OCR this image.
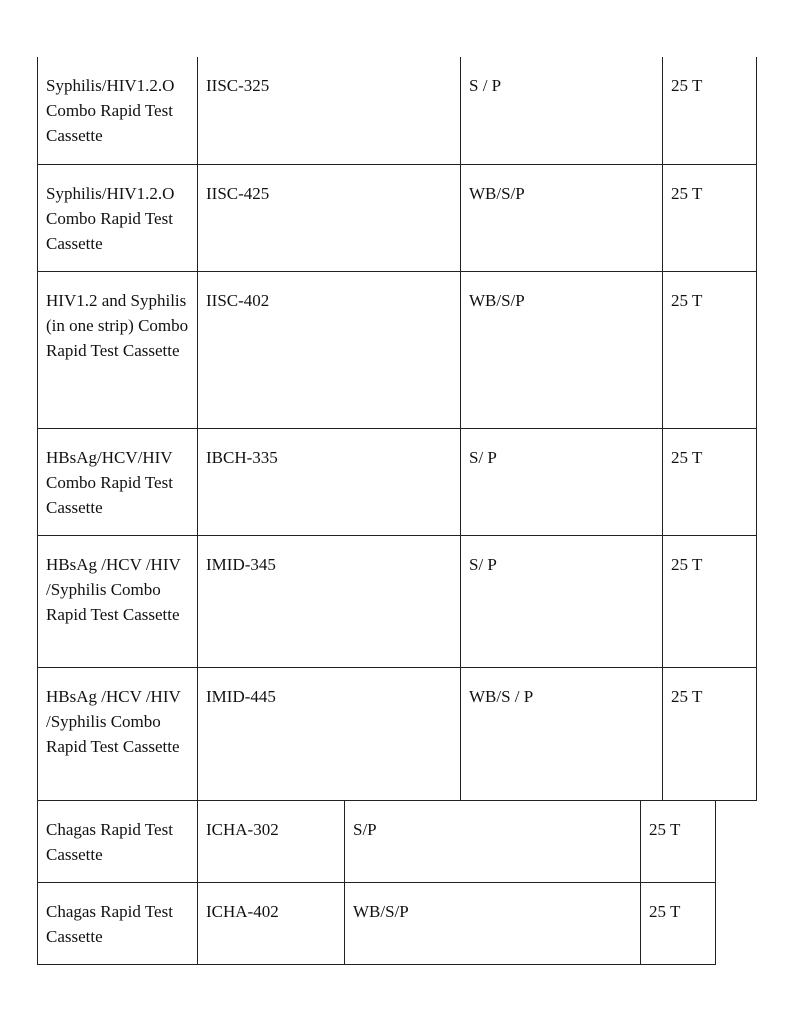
Syphilis/HIV1.2.O Combo Rapid Test Cassette	IISC-325	S / P	25 T
Syphilis/HIV1.2.O Combo Rapid Test Cassette	IISC-425	WB/S/P	25 T
HIV1.2 and Syphilis (in one strip) Combo Rapid Test Cassette	IISC-402	WB/S/P	25 T
HBsAg/HCV/HIV Combo Rapid Test Cassette	IBCH-335	S/ P	25 T
HBsAg /HCV /HIV /Syphilis Combo Rapid Test Cassette	IMID-345	S/ P	25 T
HBsAg /HCV /HIV /Syphilis Combo Rapid Test Cassette	IMID-445	WB/S / P	25 T
Chagas Rapid Test Cassette	ICHA-302	S/P	25 T
Chagas Rapid Test Cassette	ICHA-402	WB/S/P	25 T
